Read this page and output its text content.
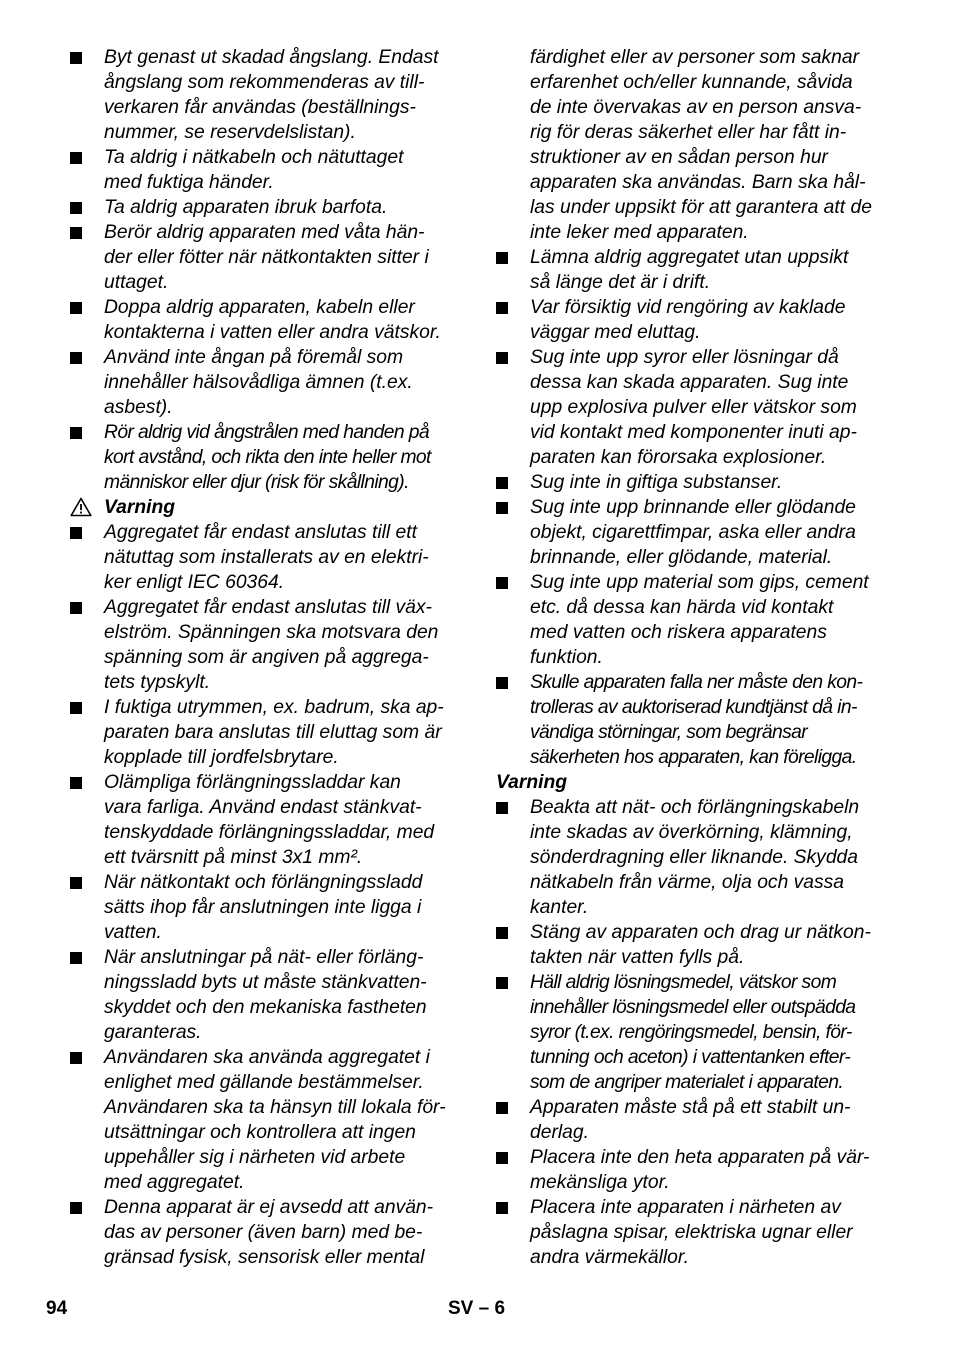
Byt genast ut skadad ångslang. Endast
ångslang som rekommenderas av till-
verkaren får användas (beställnings-
nummer, se reservdelslistan).
Ta aldrig i nätkabeln och nätuttaget
med fuktiga händer.
Ta aldrig apparaten ibruk barfota.
Berör aldrig apparaten med våta hän-
der eller fötter när nätkontakten sitter i
uttaget.
Doppa aldrig apparaten, kabeln eller
kontakterna i vatten eller andra vätskor.
Använd inte ångan på föremål som
innehåller hälsovådliga ämnen (t.ex.
asbest).
Rör aldrig vid ångstrålen med handen på
kort avstånd, och rikta den inte heller mot
människor eller djur (risk för skållning).
Varning
Aggregatet får endast anslutas till ett
nätuttag som installerats av en elektri-
ker enligt IEC 60364.
Aggregatet får endast anslutas till väx-
elström. Spänningen ska motsvara den
spänning som är angiven på aggrega-
tets typskylt.
I fuktiga utrymmen, ex. badrum, ska ap-
paraten bara anslutas till eluttag som är
kopplade till jordfelsbrytare.
Olämpliga förlängningssladdar kan
vara farliga. Använd endast stänkvat-
tenskyddade förlängningssladdar, med
ett tvärsnitt på minst 3x1 mm².
När nätkontakt och förlängningssladd
sätts ihop får anslutningen inte ligga i
vatten.
När anslutningar på nät- eller förläng-
ningssladd byts ut måste stänkvatten-
skyddet och den mekaniska fastheten
garanteras.
Användaren ska använda aggregatet i
enlighet med gällande bestämmelser.
Användaren ska ta hänsyn till lokala för-
utsättningar och kontrollera att ingen
uppehåller sig i närheten vid arbete
med aggregatet.
Denna apparat är ej avsedd att använ-
das av personer (även barn) med be-
gränsad fysisk, sensorisk eller mental
färdighet eller av personer som saknar
erfarenhet och/eller kunnande, såvida
de inte övervakas av en person ansva-
rig för deras säkerhet eller har fått in-
struktioner av en sådan person hur
apparaten ska användas. Barn ska hål-
las under uppsikt för att garantera att de
inte leker med apparaten.
Lämna aldrig aggregatet utan uppsikt
så länge det är i drift.
Var försiktig vid rengöring av kaklade
väggar med eluttag.
Sug inte upp syror eller lösningar då
dessa kan skada apparaten. Sug inte
upp explosiva pulver eller vätskor som
vid kontakt med komponenter inuti ap-
paraten kan förorsaka explosioner.
Sug inte in giftiga substanser.
Sug inte upp brinnande eller glödande
objekt, cigarettfimpar, aska eller andra
brinnande, eller glödande, material.
Sug inte upp material som gips, cement
etc. då dessa kan härda vid kontakt
med vatten och riskera apparatens
funktion.
Skulle apparaten falla ner måste den kon-
trolleras av auktoriserad kundtjänst då in-
vändiga störningar, som begränsar
säkerheten hos apparaten, kan föreligga.
Varning
Beakta att nät- och förlängningskabeln
inte skadas av överkörning, klämning,
sönderdragning eller liknande. Skydda
nätkabeln från värme, olja och vassa
kanter.
Stäng av apparaten och drag ur nätkon-
takten när vatten fylls på.
Häll aldrig lösningsmedel, vätskor som
innehåller lösningsmedel eller outspädda
syror (t.ex. rengöringsmedel, bensin, för-
tunning och aceton) i vattentanken efter-
som de angriper materialet i apparaten.
Apparaten måste stå på ett stabilt un-
derlag.
Placera inte den heta apparaten på vär-
mekänsliga ytor.
Placera inte apparaten i närheten av
påslagna spisar, elektriska ugnar eller
andra värmekällor.
94	SV – 6
